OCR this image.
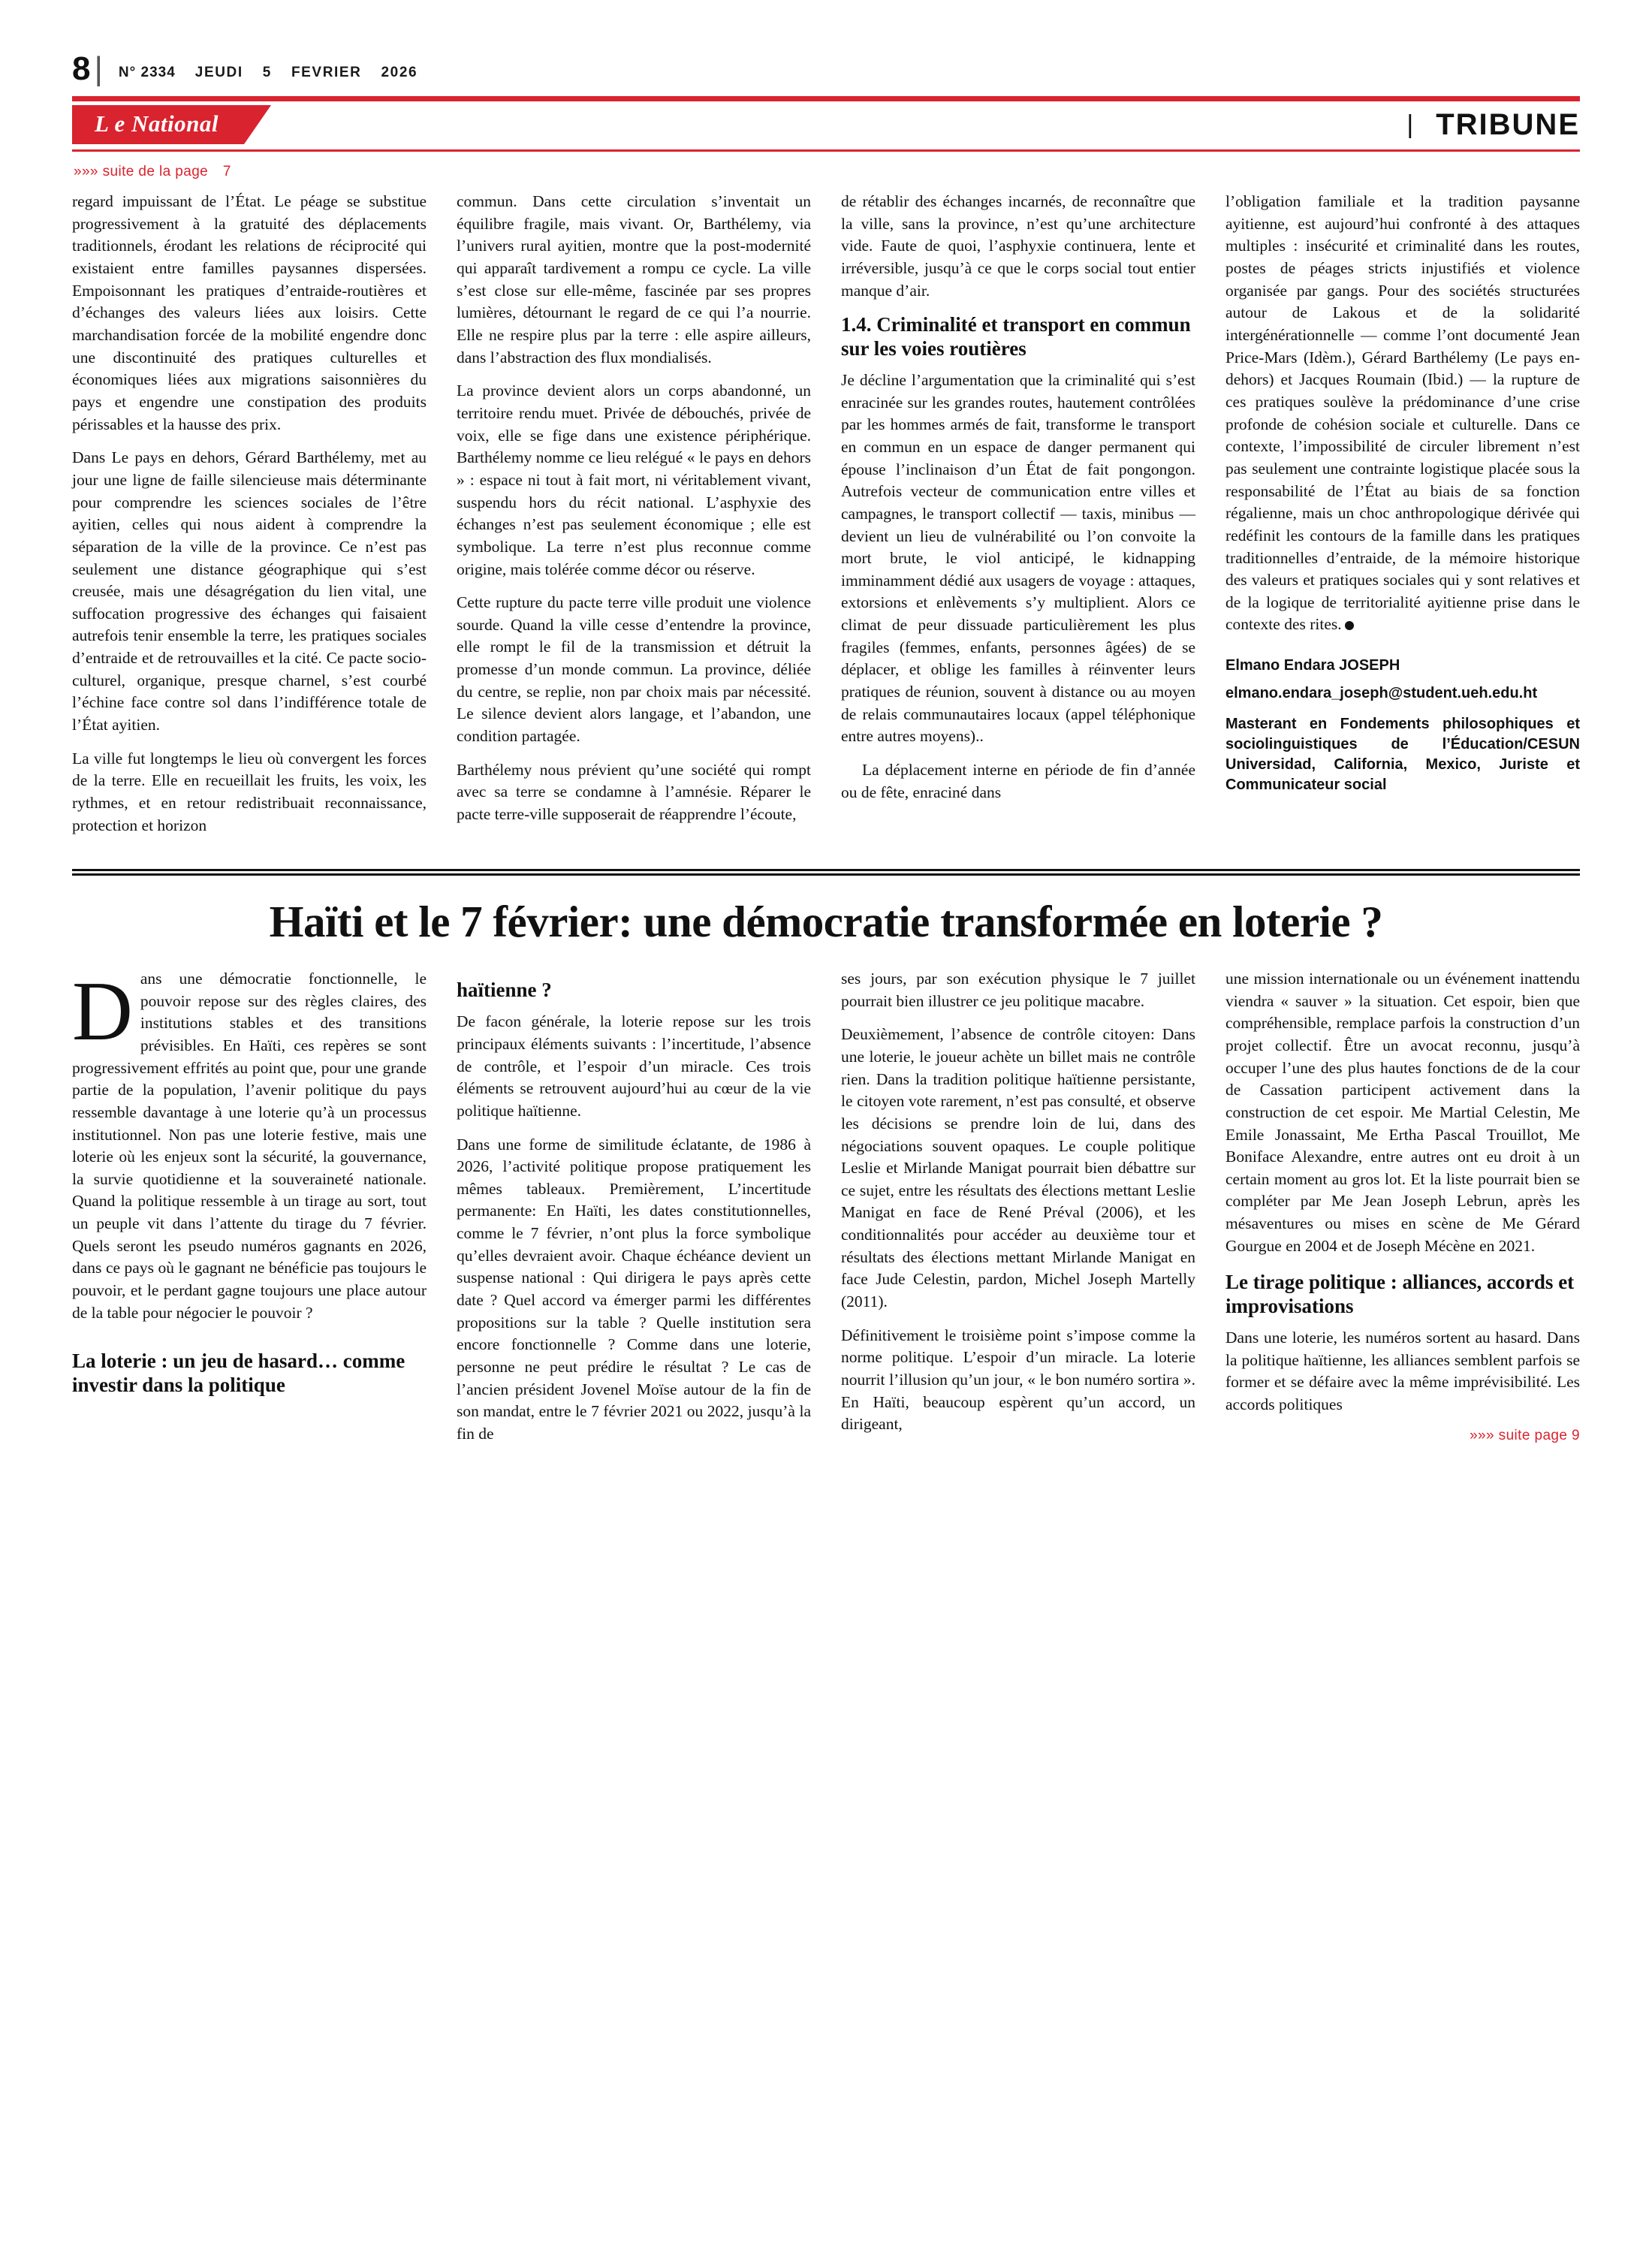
8 | N° 2334 JEUDI 5 FEVRIER 2026
L e National	| TRIBUNE
»»» suite de la page 7

regard impuissant de l’État. Le péage se substitue progressivement à la gratuité des déplacements traditionnels, érodant les relations de réciprocité qui existaient entre familles paysannes dispersées. Empoisonnant les pratiques d’entraide-routières et d’échanges des valeurs liées aux loisirs. Cette marchandisation forcée de la mobilité engendre donc une discontinuité des pratiques culturelles et économiques liées aux migrations saisonnières du pays et engendre une constipation des produits périssables et la hausse des prix.

Dans Le pays en dehors, Gérard Barthélemy, met au jour une ligne de faille silencieuse mais déterminante pour comprendre les sciences sociales de l’être ayitien, celles qui nous aident à comprendre la séparation de la ville de la province. Ce n’est pas seulement une distance géographique qui s’est creusée, mais une désagrégation du lien vital, une suffocation progressive des échanges qui faisaient autrefois tenir ensemble la terre, les pratiques sociales d’entraide et de retrouvailles et la cité. Ce pacte socio-culturel, organique, presque charnel, s’est courbé l’échine face contre sol dans l’indifférence totale de l’État ayitien.

La ville fut longtemps le lieu où convergent les forces de la terre. Elle en recueillait les fruits, les voix, les rythmes, et en retour redistribuait reconnaissance, protection et horizon

commun. Dans cette circulation s’inventait un équilibre fragile, mais vivant. Or, Barthélemy, via l’univers rural ayitien, montre que la post-modernité qui apparaît tardivement a rompu ce cycle. La ville s’est close sur elle-même, fascinée par ses propres lumières, détournant le regard de ce qui l’a nourrie. Elle ne respire plus par la terre : elle aspire ailleurs, dans l’abstraction des flux mondialisés.

La province devient alors un corps abandonné, un territoire rendu muet. Privée de débouchés, privée de voix, elle se fige dans une existence périphérique. Barthélemy nomme ce lieu relégué « le pays en dehors » : espace ni tout à fait mort, ni véritablement vivant, suspendu hors du récit national. L’asphyxie des échanges n’est pas seulement économique ; elle est symbolique. La terre n’est plus reconnue comme origine, mais tolérée comme décor ou réserve.

Cette rupture du pacte terre ville produit une violence sourde. Quand la ville cesse d’entendre la province, elle rompt le fil de la transmission et détruit la promesse d’un monde commun. La province, déliée du centre, se replie, non par choix mais par nécessité. Le silence devient alors langage, et l’abandon, une condition partagée.

Barthélemy nous prévient qu’une société qui rompt avec sa terre se condamne à l’amnésie. Réparer le pacte terre-ville supposerait de réapprendre l’écoute,

de rétablir des échanges incarnés, de reconnaître que la ville, sans la province, n’est qu’une architecture vide. Faute de quoi, l’asphyxie continuera, lente et irréversible, jusqu’à ce que le corps social tout entier manque d’air.

1.4. Criminalité et transport en commun sur les voies routières

Je décline l’argumentation que la criminalité qui s’est enracinée sur les grandes routes, hautement contrôlées par les hommes armés de fait, transforme le transport en commun en un espace de danger permanent qui épouse l’inclinaison d’un État de fait pongongon. Autrefois vecteur de communication entre villes et campagnes, le transport collectif — taxis, minibus — devient un lieu de vulnérabilité ou l’on convoite la mort brute, le viol anticipé, le kidnapping imminamment dédié aux usagers de voyage : attaques, extorsions et enlèvements s’y multiplient. Alors ce climat de peur dissuade particulièrement les plus fragiles (femmes, enfants, personnes âgées) de se déplacer, et oblige les familles à réinventer leurs pratiques de réunion, souvent à distance ou au moyen de relais communautaires locaux (appel téléphonique entre autres moyens)..

La déplacement interne en période de fin d’année ou de fête, enraciné dans

l’obligation familiale et la tradition paysanne ayitienne, est aujourd’hui confronté à des attaques multiples : insécurité et criminalité dans les routes, postes de péages stricts injustifiés et violence organisée par gangs. Pour des sociétés structurées autour de Lakous et de la solidarité intergénérationnelle — comme l’ont documenté Jean Price-Mars (Idèm.), Gérard Barthélemy (Le pays en-dehors) et Jacques Roumain (Ibid.) — la rupture de ces pratiques soulève la prédominance d’une crise profonde de cohésion sociale et culturelle. Dans ce contexte, l’impossibilité de circuler librement n’est pas seulement une contrainte logistique placée sous la responsabilité de l’État au biais de sa fonction régalienne, mais un choc anthropologique dérivée qui redéfinit les contours de la famille dans les pratiques traditionnelles d’entraide, de la mémoire historique des valeurs et pratiques sociales qui y sont relatives et de la logique de territorialité ayitienne prise dans le contexte des rites.

Elmano Endara JOSEPH
elmano.endara_joseph@student.ueh.edu.ht
Masterant en Fondements philosophiques et sociolinguistiques de l’Éducation/CESUN Universidad, California, Mexico, Juriste et Communicateur social
Haïti et le 7 février: une démocratie transformée en loterie ?

Dans une démocratie fonctionnelle, le pouvoir repose sur des règles claires, des institutions stables et des transitions prévisibles. En Haïti, ces repères se sont progressivement effrités au point que, pour une grande partie de la population, l’avenir politique du pays ressemble davantage à une loterie qu’à un processus institutionnel. Non pas une loterie festive, mais une loterie où les enjeux sont la sécurité, la gouvernance, la survie quotidienne et la souveraineté nationale. Quand la politique ressemble à un tirage au sort, tout un peuple vit dans l’attente du tirage du 7 février. Quels seront les pseudo numéros gagnants en 2026, dans ce pays où le gagnant ne bénéficie pas toujours le pouvoir, et le perdant gagne toujours une place autour de la table pour négocier le pouvoir ?

La loterie : un jeu de hasard… comme investir dans la politique
haïtienne ?

De facon générale, la loterie repose sur les trois principaux éléments suivants : l’incertitude, l’absence de contrôle, et l’espoir d’un miracle. Ces trois éléments se retrouvent aujourd’hui au cœur de la vie politique haïtienne.

Dans une forme de similitude éclatante, de 1986 à 2026, l’activité politique propose pratiquement les mêmes tableaux. Premièrement, L’incertitude permanente: En Haïti, les dates constitutionnelles, comme le 7 février, n’ont plus la force symbolique qu’elles devraient avoir. Chaque échéance devient un suspense national : Qui dirigera le pays après cette date ? Quel accord va émerger parmi les différentes propositions sur la table ? Quelle institution sera encore fonctionnelle ? Comme dans une loterie, personne ne peut prédire le résultat ? Le cas de l’ancien président Jovenel Moïse autour de la fin de son mandat, entre le 7 février 2021 ou 2022, jusqu’à la fin de

ses jours, par son exécution physique le 7 juillet pourrait bien illustrer ce jeu politique macabre.

Deuxièmement, l’absence de contrôle citoyen: Dans une loterie, le joueur achète un billet mais ne contrôle rien. Dans la tradition politique haïtienne persistante, le citoyen vote rarement, n’est pas consulté, et observe les décisions se prendre loin de lui, dans des négociations souvent opaques. Le couple politique Leslie et Mirlande Manigat pourrait bien débattre sur ce sujet, entre les résultats des élections mettant Leslie Manigat en face de René Préval (2006), et les conditionnalités pour accéder au deuxième tour et résultats des élections mettant Mirlande Manigat en face Jude Celestin, pardon, Michel Joseph Martelly (2011).

Définitivement le troisième point s’impose comme la norme politique. L’espoir d’un miracle. La loterie nourrit l’illusion qu’un jour, « le bon numéro sortira ». En Haïti, beaucoup espèrent qu’un accord, un dirigeant,

une mission internationale ou un événement inattendu viendra « sauver » la situation. Cet espoir, bien que compréhensible, remplace parfois la construction d’un projet collectif. Être un avocat reconnu, jusqu’à occuper l’une des plus hautes fonctions de de la cour de Cassation participent activement dans la construction de cet espoir. Me Martial Celestin, Me Emile Jonassaint, Me Ertha Pascal Trouillot, Me Boniface Alexandre, entre autres ont eu droit à un certain moment au gros lot. Et la liste pourrait bien se compléter par Me Jean Joseph Lebrun, après les mésaventures ou mises en scène de Me Gérard Gourgue en 2004 et de Joseph Mécène en 2021.

Le tirage politique : alliances, accords et improvisations

Dans une loterie, les numéros sortent au hasard. Dans la politique haïtienne, les alliances semblent parfois se former et se défaire avec la même imprévisibilité. Les accords politiques

»»» suite page 9
